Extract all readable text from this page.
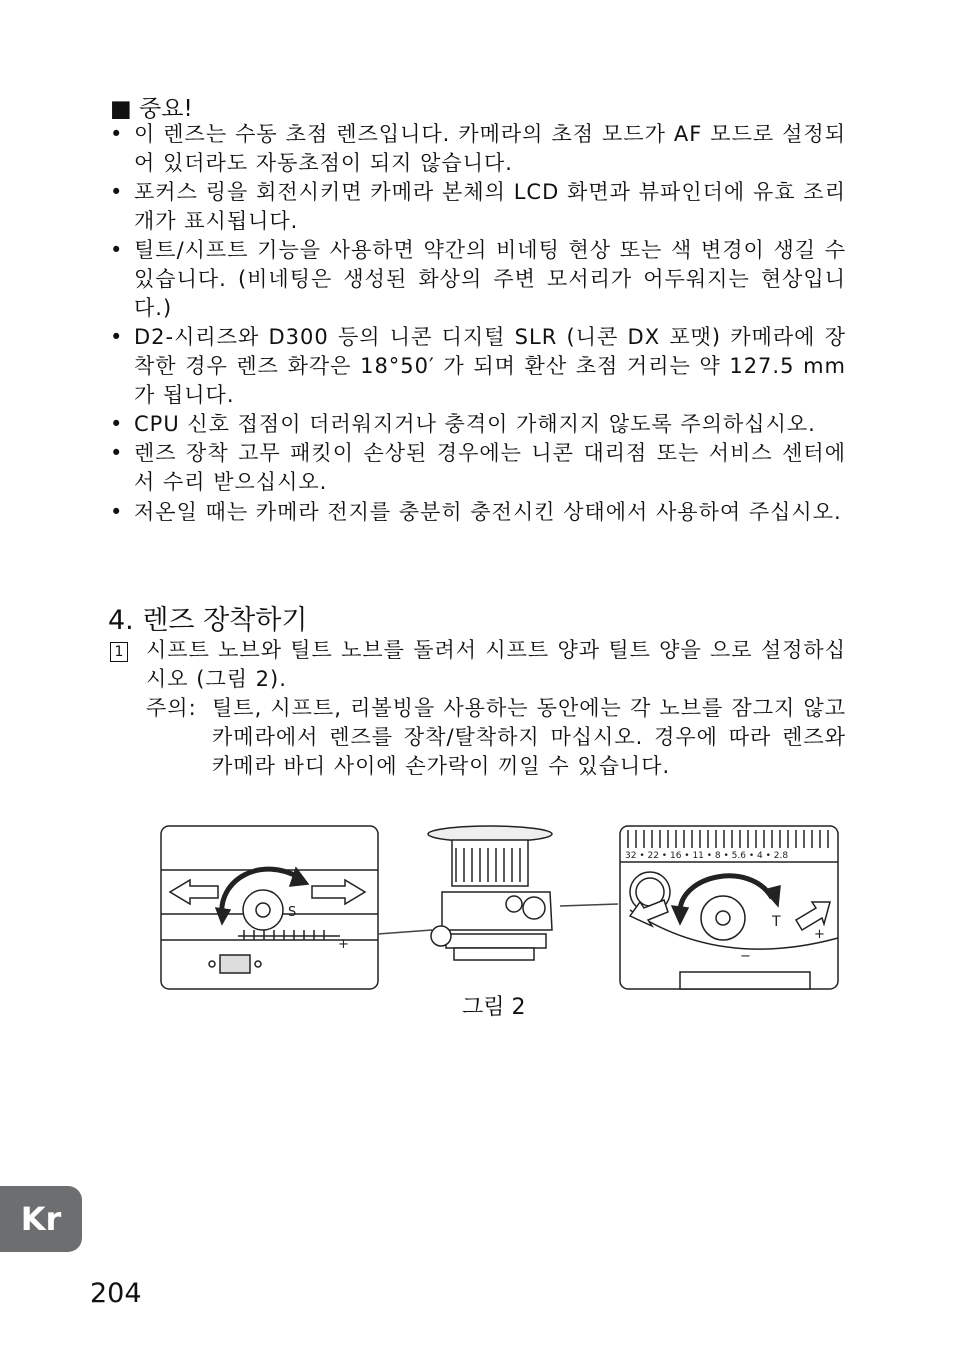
■ 중요!
• 이 렌즈는 수동 초점 렌즈입니다. 카메라의 초점 모드가 AF 모드로 설정되어 있더라도 자동초점이 되지 않습니다.
• 포커스 링을 회전시키면 카메라 본체의 LCD 화면과 뷰파인더에 유효 조리개가 표시됩니다.
• 틸트/시프트 기능을 사용하면 약간의 비네팅 현상 또는 색 변경이 생길 수 있습니다. (비네팅은 생성된 화상의 주변 모서리가 어두워지는 현상입니다.)
• D2-시리즈와 D300 등의 니콘 디지털 SLR (니콘 DX 포맷) 카메라에 장착한 경우 렌즈 화각은 18°50′ 가 되며 환산 초점 거리는 약 127.5 mm가 됩니다.
• CPU 신호 접점이 더러워지거나 충격이 가해지지 않도록 주의하십시오.
• 렌즈 장착 고무 패킷이 손상된 경우에는 니콘 대리점 또는 서비스 센터에서 수리 받으십시오.
• 저온일 때는 카메라 전지를 충분히 충전시킨 상태에서 사용하여 주십시오.
4. 렌즈 장착하기
1 시프트 노브와 틸트 노브를 돌려서 시프트 양과 틸트 양을 으로 설정하십시오 (그림 2).
주의: 틸트, 시프트, 리볼빙을 사용하는 동안에는 각 노브를 잠그지 않고 카메라에서 렌즈를 장착/탈착하지 마십시오. 경우에 따라 렌즈와 카메라 바디 사이에 손가락이 끼일 수 있습니다.
S
+
32 • 22 • 16 • 11 • 8 • 5.6 • 4 • 2.8
T
−
+
그림 2
Kr
204
